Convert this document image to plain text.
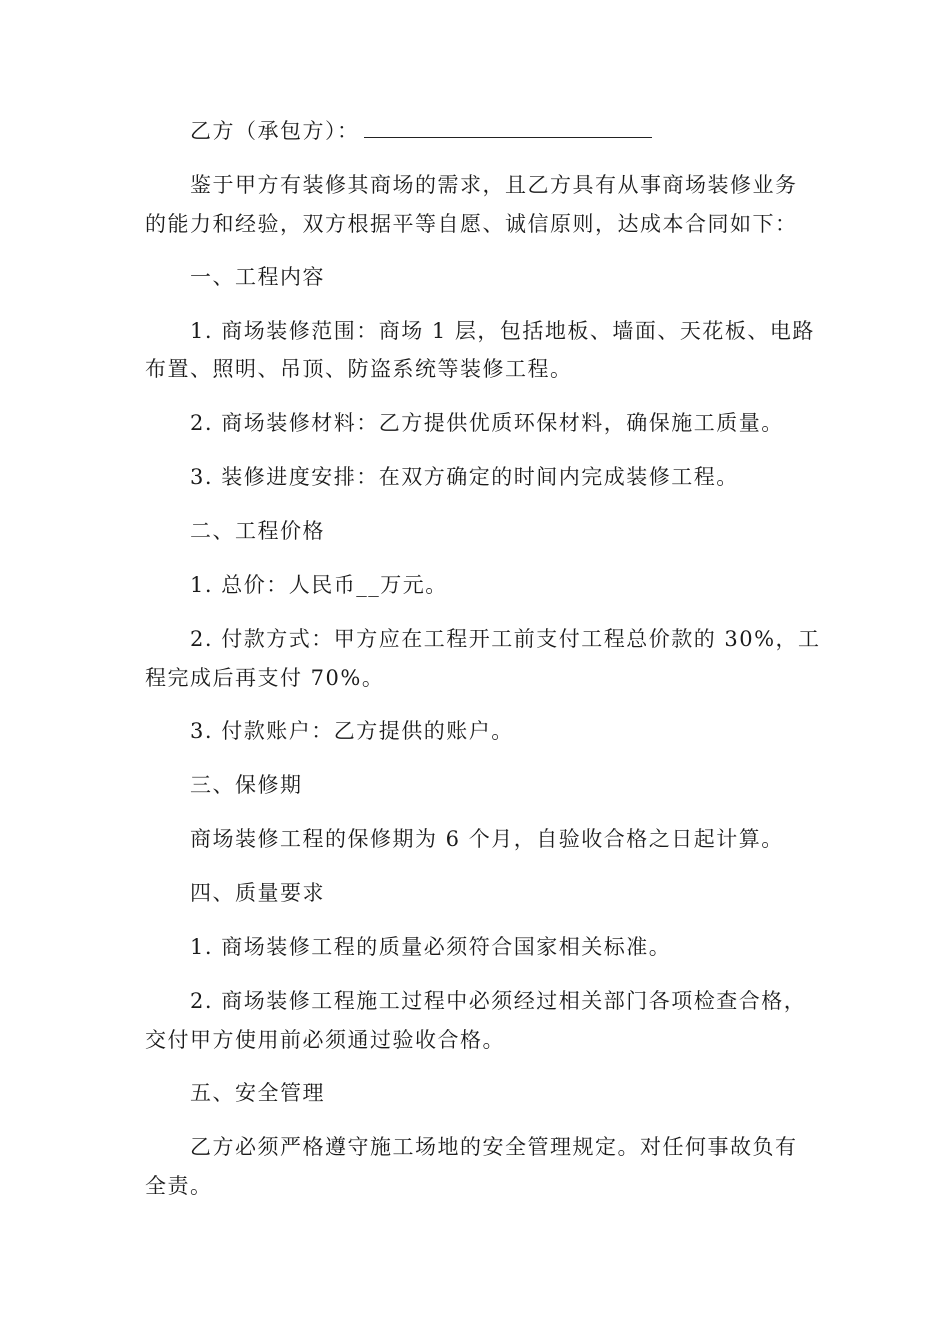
乙方（承包方）：
鉴于甲方有装修其商场的需求，且乙方具有从事商场装修业务
的能力和经验，双方根据平等自愿、诚信原则，达成本合同如下：
一、工程内容
1. 商场装修范围：商场 1 层，包括地板、墙面、天花板、电路
布置、照明、吊顶、防盗系统等装修工程。
2. 商场装修材料：乙方提供优质环保材料，确保施工质量。
3. 装修进度安排：在双方确定的时间内完成装修工程。
二、工程价格
1. 总价：人民币__万元。
2. 付款方式：甲方应在工程开工前支付工程总价款的 30%，工
程完成后再支付 70%。
3. 付款账户：乙方提供的账户。
三、保修期
商场装修工程的保修期为 6 个月，自验收合格之日起计算。
四、质量要求
1. 商场装修工程的质量必须符合国家相关标准。
2. 商场装修工程施工过程中必须经过相关部门各项检查合格，
交付甲方使用前必须通过验收合格。
五、安全管理
乙方必须严格遵守施工场地的安全管理规定。对任何事故负有
全责。
